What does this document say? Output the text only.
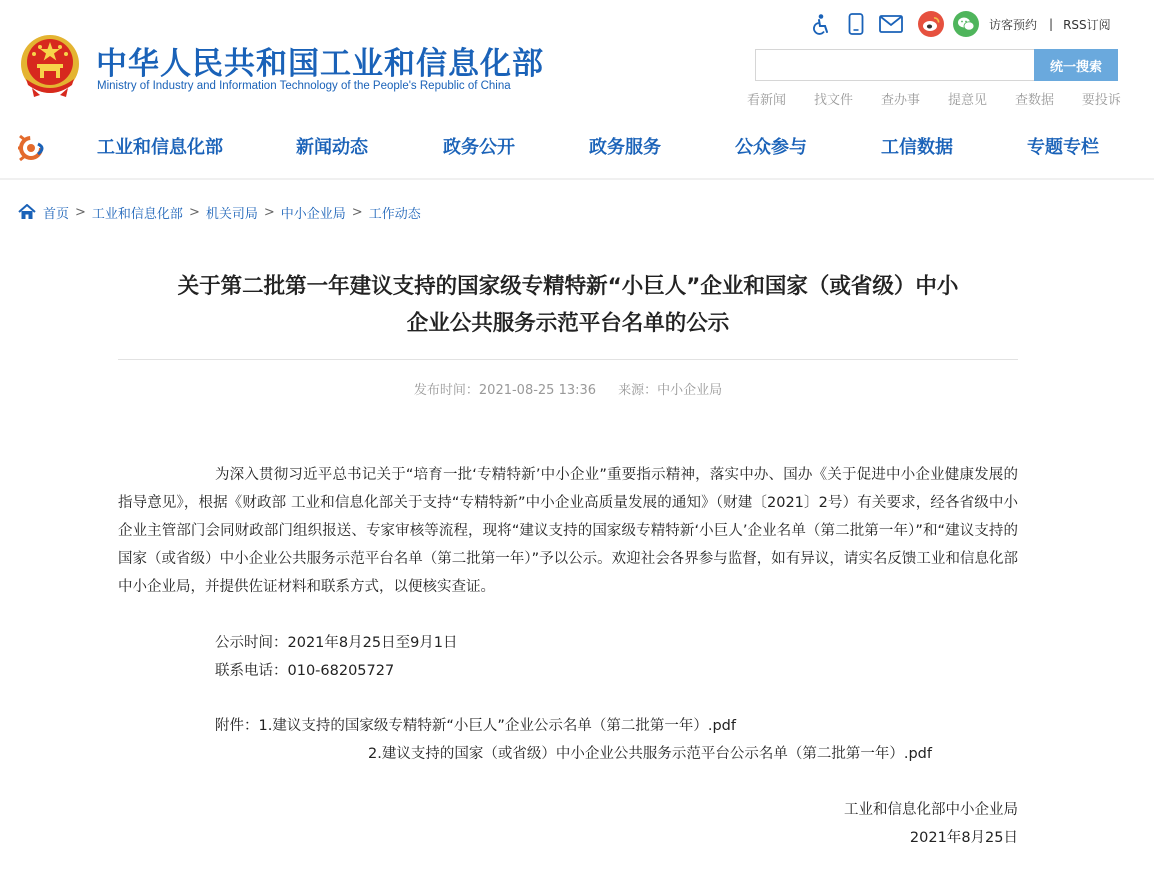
中华人民共和国工业和信息化部
Ministry of Industry and Information Technology of the People's Republic of China
访客预约 | RSS订阅
统一搜索
看新闻 找文件 查办事 提意见 查数据 要投诉
工业和信息化部	新闻动态	政务公开	政务服务	公众参与	工信数据	专题专栏
首页 > 工业和信息化部 > 机关司局 > 中小企业局 > 工作动态
关于第二批第一年建议支持的国家级专精特新“小巨人”企业和国家（或省级）中小
企业公共服务示范平台名单的公示
发布时间：2021-08-25 13:36 来源：中小企业局
为深入贯彻习近平总书记关于“培育一批‘专精特新’中小企业”重要指示精神，落实中办、国办《关于促进中小企业健康发展的指导意见》，根据《财政部 工业和信息化部关于支持“专精特新”中小企业高质量发展的通知》（财建〔2021〕2号）有关要求，经各省级中小企业主管部门会同财政部门组织报送、专家审核等流程，现将“建议支持的国家级专精特新‘小巨人’企业名单（第二批第一年）”和“建议支持的国家（或省级）中小企业公共服务示范平台名单（第二批第一年）”予以公示。欢迎社会各界参与监督，如有异议，请实名反馈工业和信息化部中小企业局，并提供佐证材料和联系方式，以便核实查证。
公示时间：2021年8月25日至9月1日
联系电话：010-68205727
附件：1.建议支持的国家级专精特新“小巨人”企业公示名单（第二批第一年）.pdf
2.建议支持的国家（或省级）中小企业公共服务示范平台公示名单（第二批第一年）.pdf
工业和信息化部中小企业局
2021年8月25日
